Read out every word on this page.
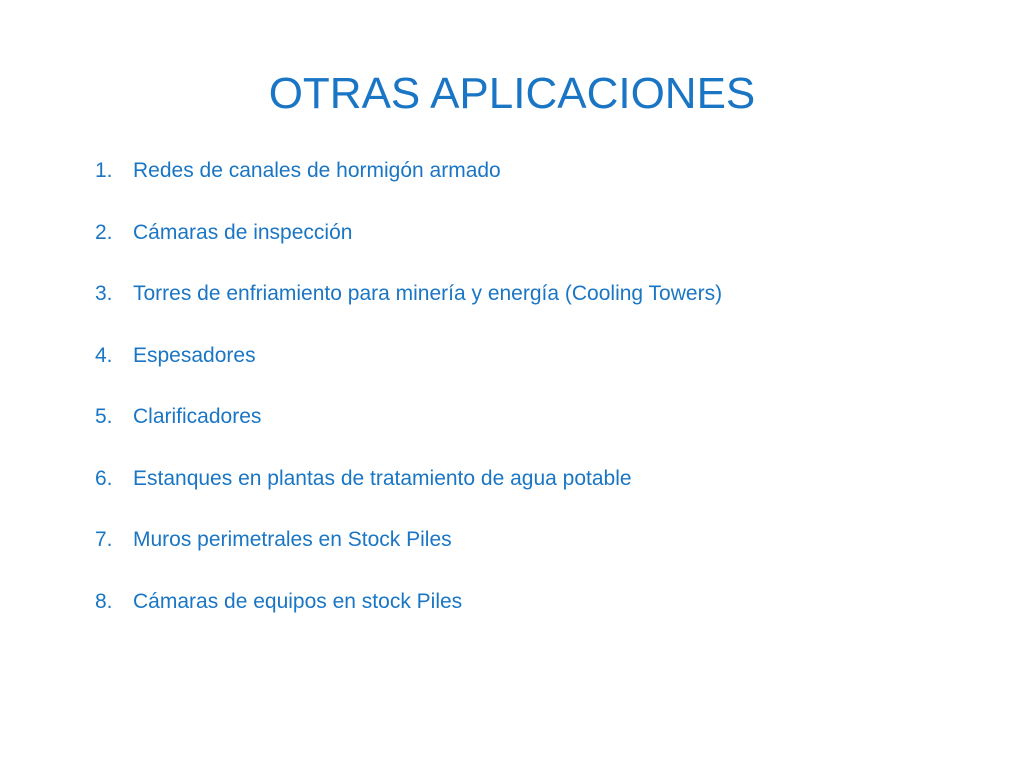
OTRAS APLICACIONES
1. Redes de canales de hormigón armado
2. Cámaras de inspección
3. Torres de enfriamiento para minería y energía (Cooling Towers)
4. Espesadores
5. Clarificadores
6. Estanques en plantas de tratamiento de agua potable
7. Muros perimetrales en Stock Piles
8. Cámaras de equipos en stock Piles
